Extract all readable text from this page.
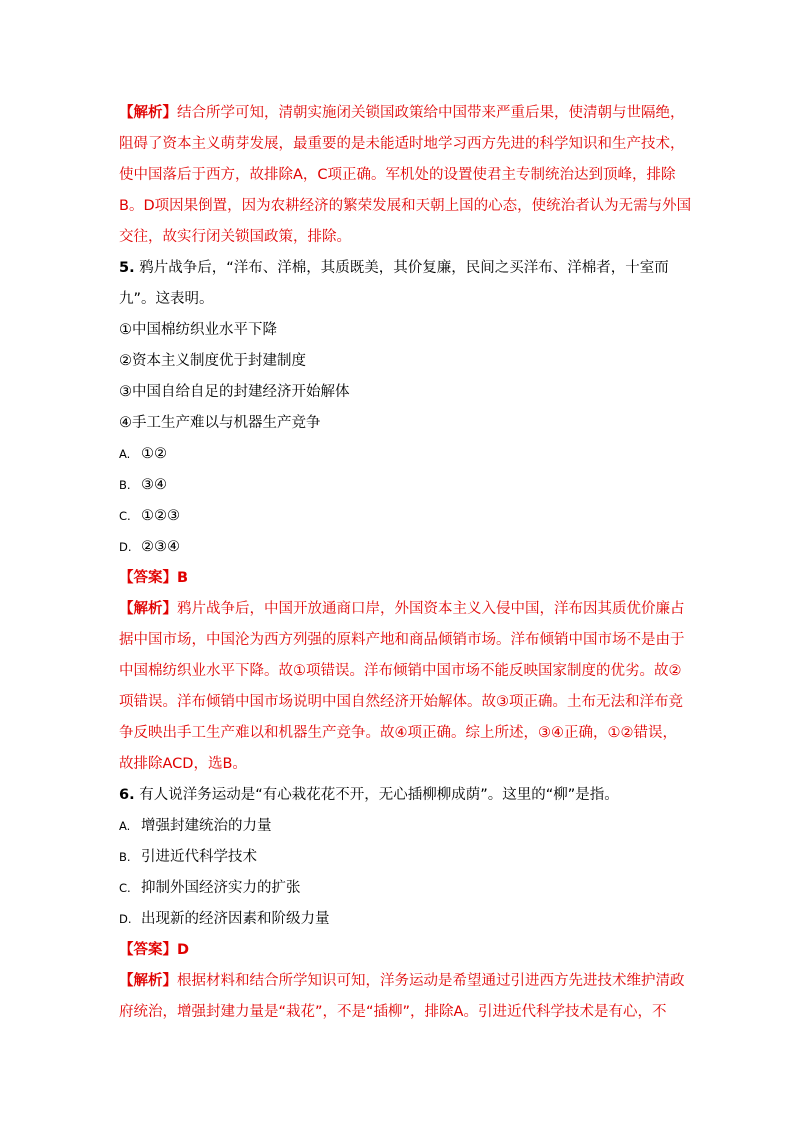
【解析】结合所学可知，清朝实施闭关锁国政策给中国带来严重后果，使清朝与世隔绝，

阻碍了资本主义萌芽发展，最重要的是未能适时地学习西方先进的科学知识和生产技术，

使中国落后于西方，故排除A，C项正确。军机处的设置使君主专制统治达到顶峰，排除

B。D项因果倒置，因为农耕经济的繁荣发展和天朝上国的心态，使统治者认为无需与外国

交往，故实行闭关锁国政策，排除。

5. 鸦片战争后，“洋布、洋棉，其质既美，其价复廉，民间之买洋布、洋棉者，十室而

九”。这表明。

①中国棉纺织业水平下降

②资本主义制度优于封建制度

③中国自给自足的封建经济开始解体

④手工生产难以与机器生产竞争

A. ①②

B. ③④

C. ①②③

D. ②③④

【答案】B

【解析】鸦片战争后，中国开放通商口岸，外国资本主义入侵中国，洋布因其质优价廉占

据中国市场，中国沦为西方列强的原料产地和商品倾销市场。洋布倾销中国市场不是由于

中国棉纺织业水平下降。故①项错误。洋布倾销中国市场不能反映国家制度的优劣。故②

项错误。洋布倾销中国市场说明中国自然经济开始解体。故③项正确。土布无法和洋布竞

争反映出手工生产难以和机器生产竞争。故④项正确。综上所述，③④正确，①②错误，

故排除ACD，选B。

6. 有人说洋务运动是“有心栽花花不开，无心插柳柳成荫”。这里的“柳”是指。

A. 增强封建统治的力量

B. 引进近代科学技术

C. 抑制外国经济实力的扩张

D. 出现新的经济因素和阶级力量

【答案】D

【解析】根据材料和结合所学知识可知，洋务运动是希望通过引进西方先进技术维护清政

府统治，增强封建力量是“栽花”，不是“插柳”，排除A。引进近代科学技术是有心，不
